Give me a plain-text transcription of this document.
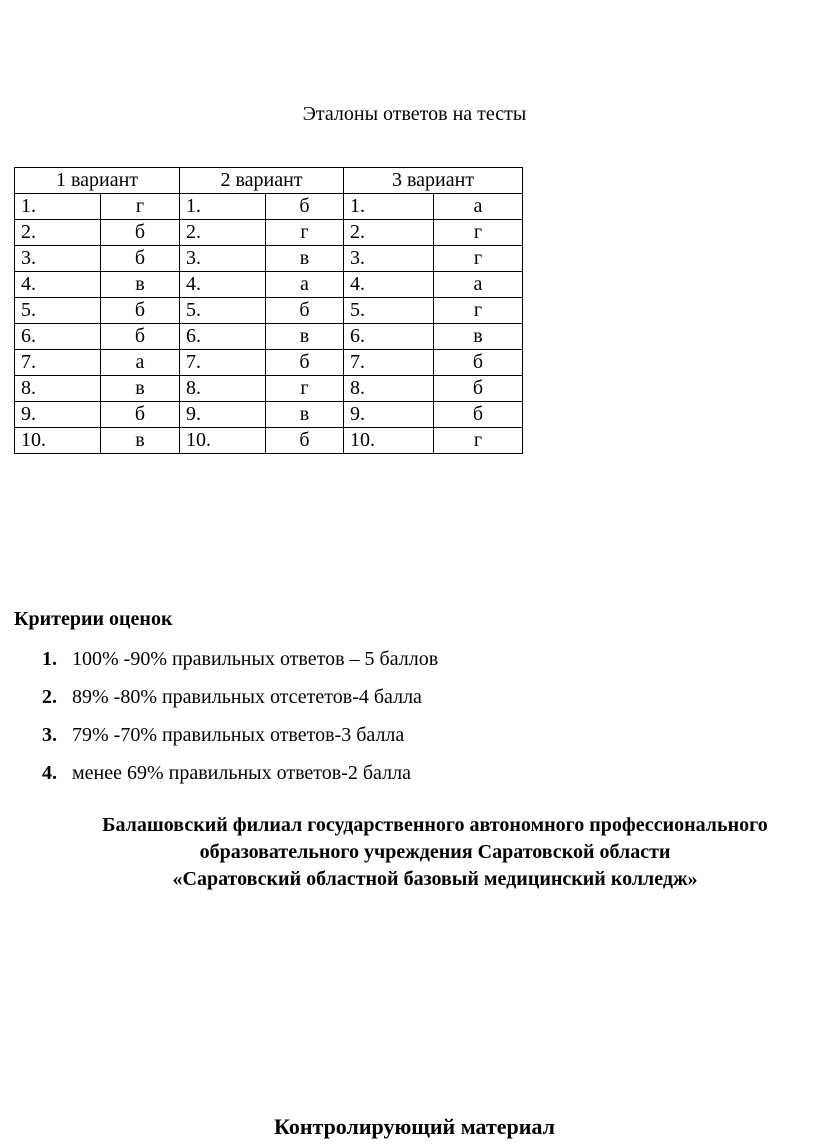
Эталоны ответов на тесты
1 вариант		2 вариант		3 вариант	
1.	г	1.	б	1.	а
2.	б	2.	г	2.	г
3.	б	3.	в	3.	г
4.	в	4.	а	4.	а
5.	б	5.	б	5.	г
6.	б	6.	в	6.	в
7.	а	7.	б	7.	б
8.	в	8.	г	8.	б
9.	б	9.	в	9.	б
10.	в	10.	б	10.	г
Критерии оценок
1. 100% -90% правильных ответов – 5 баллов
2. 89% -80% правильных отсететов-4 балла
3. 79% -70% правильных ответов-3 балла
4. менее 69% правильных ответов-2 балла
Балашовский филиал государственного автономного профессионального
образовательного учреждения Саратовской области
«Саратовский областной базовый медицинский колледж»
Контролирующий материал
